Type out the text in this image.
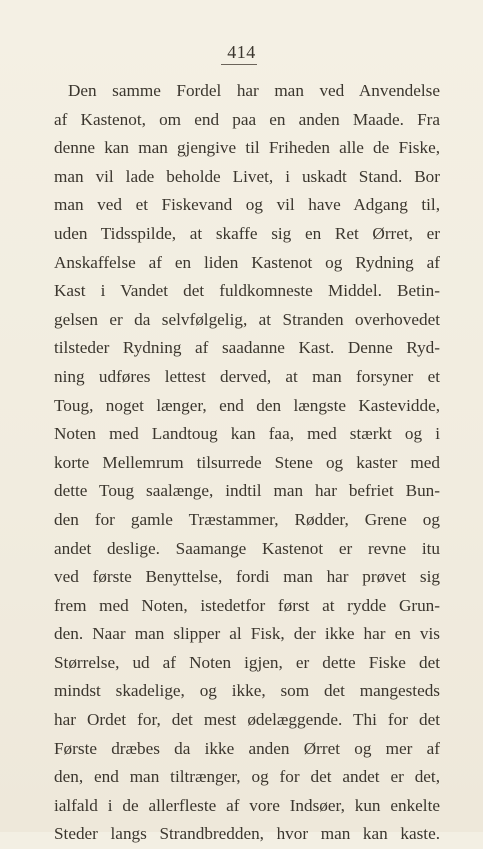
414
Den samme Fordel har man ved Anvendelse
af Kastenot, om end paa en anden Maade. Fra
denne kan man gjengive til Friheden alle de Fiske,
man vil lade beholde Livet, i uskadt Stand. Bor
man ved et Fiskevand og vil have Adgang til,
uden Tidsspilde, at skaffe sig en Ret Ørret, er
Anskaffelse af en liden Kastenot og Rydning af
Kast i Vandet det fuldkomneste Middel. Betin-
gelsen er da selvfølgelig, at Stranden overhovedet
tilsteder Rydning af saadanne Kast. Denne Ryd-
ning udføres lettest derved, at man forsyner et
Toug, noget længer, end den længste Kastevidde,
Noten med Landtoug kan faa, med stærkt og i
korte Mellemrum tilsurrede Stene og kaster med
dette Toug saalænge, indtil man har befriet Bun-
den for gamle Træstammer, Rødder, Grene og
andet deslige. Saamange Kastenot er revne itu
ved første Benyttelse, fordi man har prøvet sig
frem med Noten, istedetfor først at rydde Grun-
den. Naar man slipper al Fisk, der ikke har en vis
Størrelse, ud af Noten igjen, er dette Fiske det
mindst skadelige, og ikke, som det mangesteds
har Ordet for, det mest ødelæggende. Thi for det
Første dræbes da ikke anden Ørret og mer af
den, end man tiltrænger, og for det andet er det,
ialfald i de allerfleste af vore Indsøer, kun enkelte
Steder langs Strandbredden, hvor man kan kaste.
